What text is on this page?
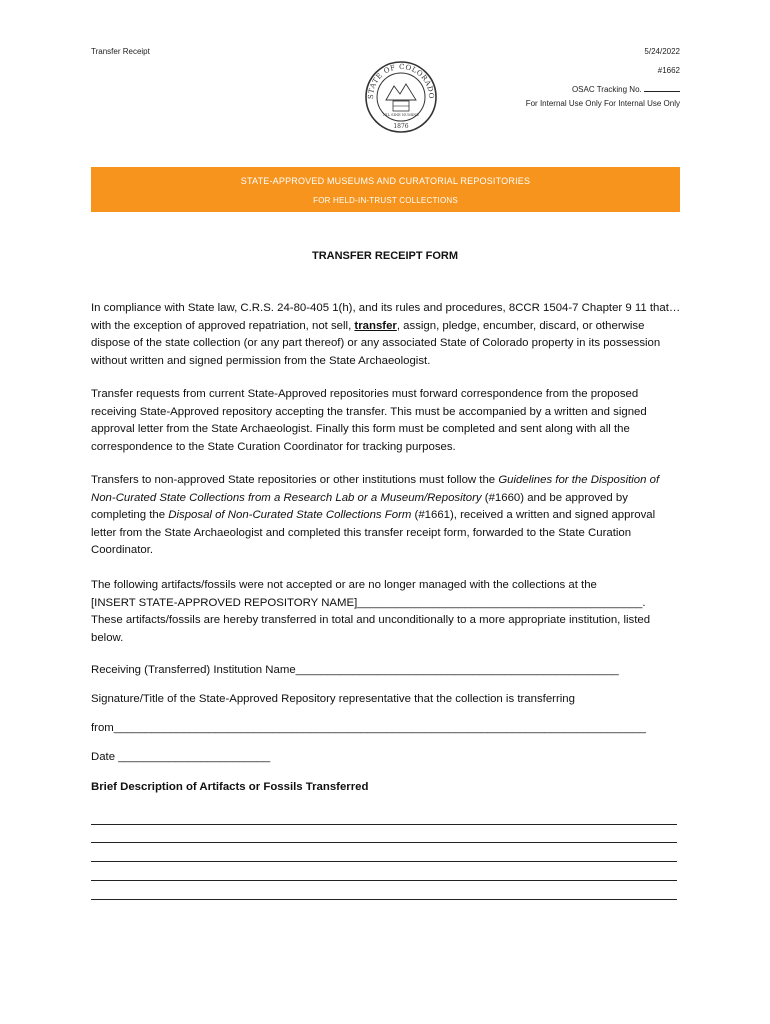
Transfer Receipt	5/24/2022
#1662
OSAC Tracking No.
For Internal Use Only For Internal Use Only
STATE OF COLORADO
NIL SINE NUMINE
1876
STATE-APPROVED MUSEUMS AND CURATORIAL REPOSITORIES
FOR HELD-IN-TRUST COLLECTIONS
TRANSFER RECEIPT FORM
In compliance with State law, C.R.S. 24-80-405 1(h), and its rules and procedures, 8CCR 1504-7 Chapter 9 11 that… with the exception of approved repatriation, not sell, transfer, assign, pledge, encumber, discard, or otherwise dispose of the state collection (or any part thereof) or any associated State of Colorado property in its possession without written and signed permission from the State Archaeologist.
Transfer requests from current State-Approved repositories must forward correspondence from the proposed receiving State-Approved repository accepting the transfer. This must be accompanied by a written and signed approval letter from the State Archaeologist. Finally this form must be completed and sent along with all the correspondence to the State Curation Coordinator for tracking purposes.
Transfers to non-approved State repositories or other institutions must follow the Guidelines for the Disposition of Non-Curated State Collections from a Research Lab or a Museum/Repository (#1660) and be approved by completing the Disposal of Non-Curated State Collections Form (#1661), received a written and signed approval letter from the State Archaeologist and completed this transfer receipt form, forwarded to the State Curation Coordinator.
The following artifacts/fossils were not accepted or are no longer managed with the collections at the
[INSERT STATE-APPROVED REPOSITORY NAME]_____________________________________________.
These artifacts/fossils are hereby transferred in total and unconditionally to a more appropriate institution, listed below.
Receiving (Transferred) Institution Name___________________________________________________
Signature/Title of the State-Approved Repository representative that the collection is transferring
from____________________________________________________________________________________
Date ________________________
Brief Description of Artifacts or Fossils Transferred
